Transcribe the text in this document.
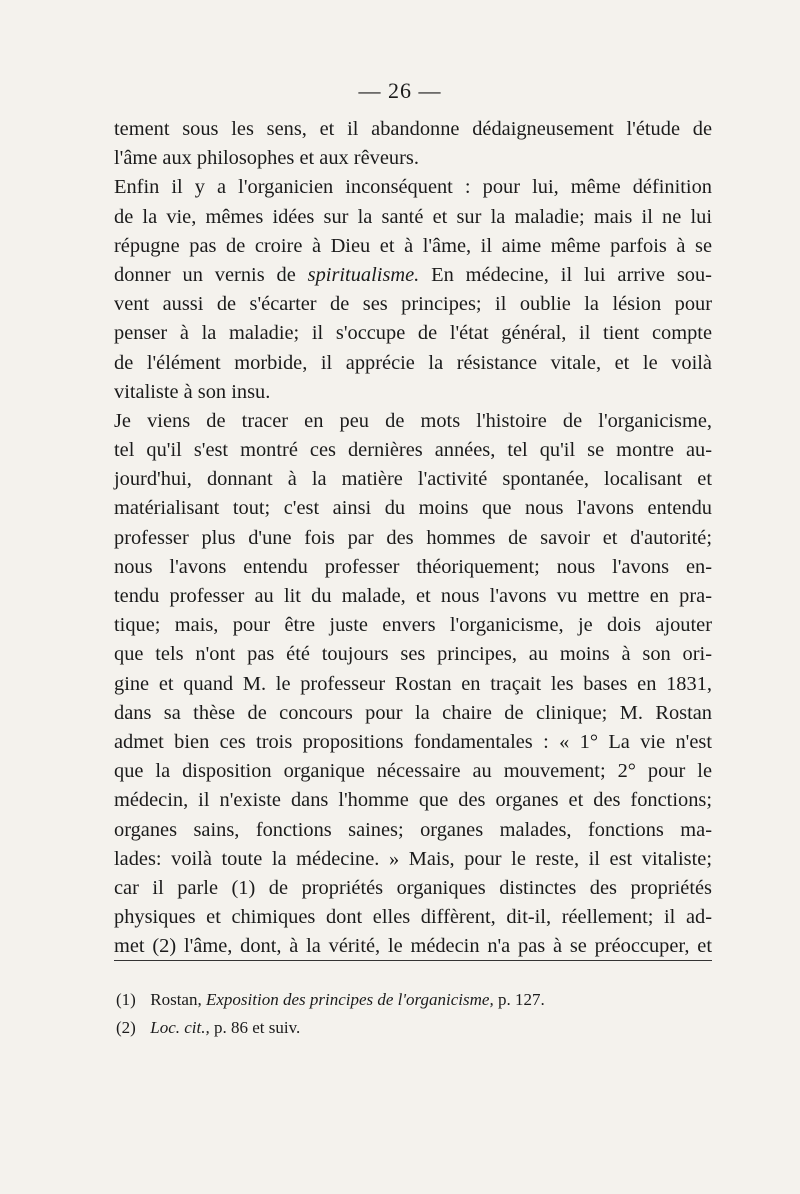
— 26 —
tement sous les sens, et il abandonne dédaigneusement l'étude de
l'âme aux philosophes et aux rêveurs.
Enfin il y a l'organicien inconséquent : pour lui, même définition
de la vie, mêmes idées sur la santé et sur la maladie; mais il ne lui
répugne pas de croire à Dieu et à l'âme, il aime même parfois à se
donner un vernis de spiritualisme. En médecine, il lui arrive sou-
vent aussi de s'écarter de ses principes; il oublie la lésion pour
penser à la maladie; il s'occupe de l'état général, il tient compte
de l'élément morbide, il apprécie la résistance vitale, et le voilà
vitaliste à son insu.
Je viens de tracer en peu de mots l'histoire de l'organicisme,
tel qu'il s'est montré ces dernières années, tel qu'il se montre au-
jourd'hui, donnant à la matière l'activité spontanée, localisant et
matérialisant tout; c'est ainsi du moins que nous l'avons entendu
professer plus d'une fois par des hommes de savoir et d'autorité;
nous l'avons entendu professer théoriquement; nous l'avons en-
tendu professer au lit du malade, et nous l'avons vu mettre en pra-
tique; mais, pour être juste envers l'organicisme, je dois ajouter
que tels n'ont pas été toujours ses principes, au moins à son ori-
gine et quand M. le professeur Rostan en traçait les bases en 1831,
dans sa thèse de concours pour la chaire de clinique; M. Rostan
admet bien ces trois propositions fondamentales : « 1° La vie n'est
que la disposition organique nécessaire au mouvement; 2° pour le
médecin, il n'existe dans l'homme que des organes et des fonctions;
organes sains, fonctions saines; organes malades, fonctions ma-
lades: voilà toute la médecine. » Mais, pour le reste, il est vitaliste;
car il parle (1) de propriétés organiques distinctes des propriétés
physiques et chimiques dont elles diffèrent, dit-il, réellement; il ad-
met (2) l'âme, dont, à la vérité, le médecin n'a pas à se préoccuper, et
(1) Rostan, Exposition des principes de l'organicisme, p. 127.
(2) Loc. cit., p. 86 et suiv.
